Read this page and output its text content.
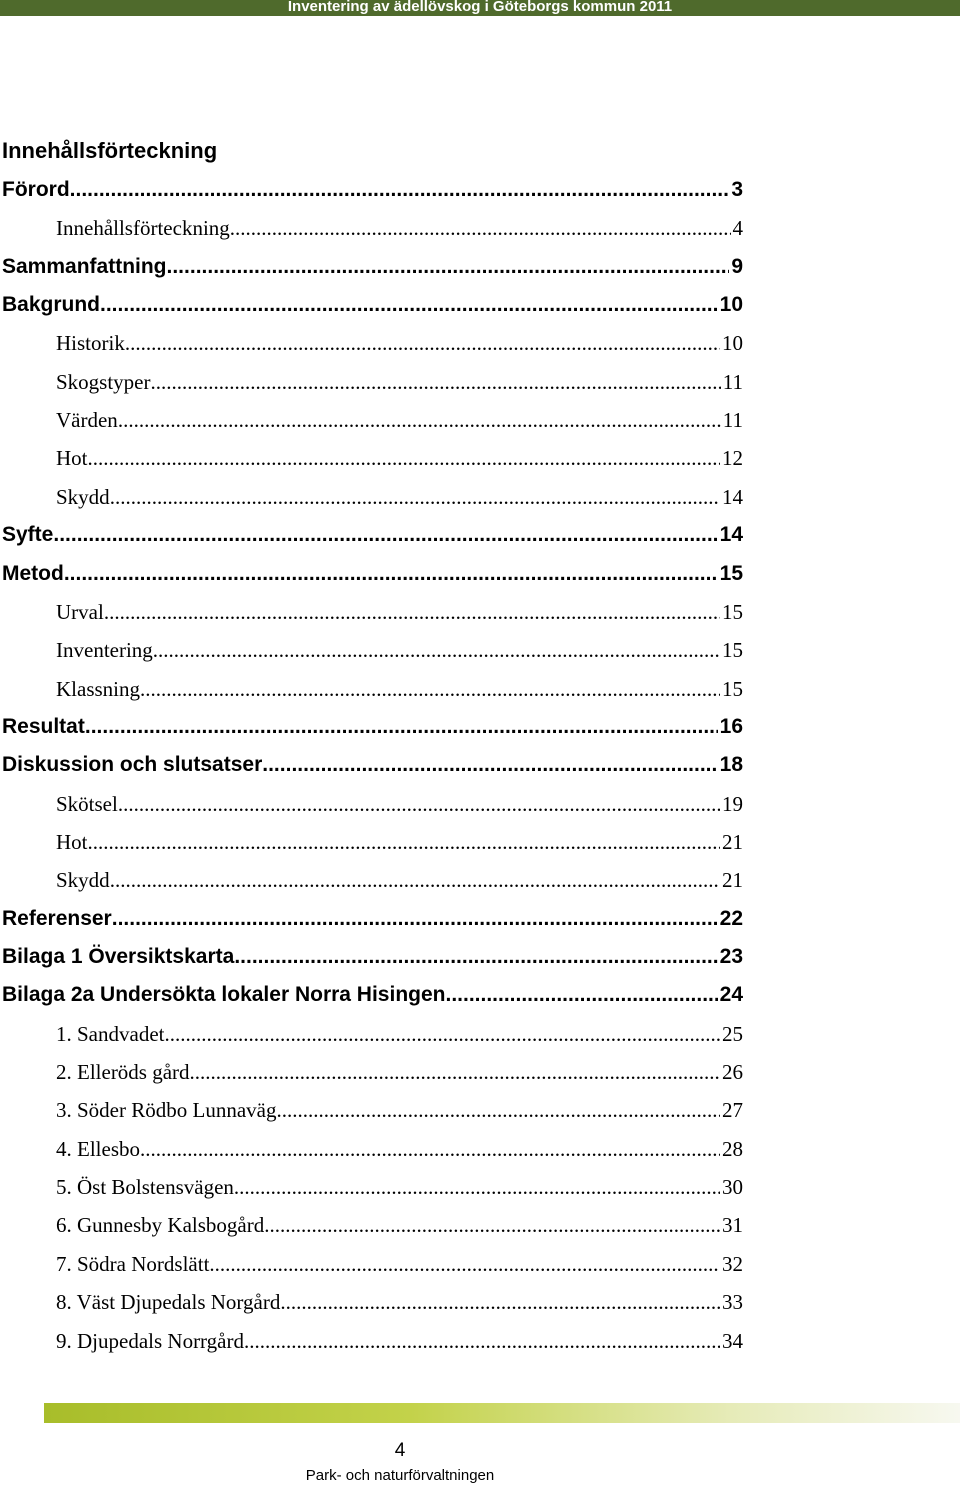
Inventering av ädellövskog i Göteborgs kommun 2011
Innehållsförteckning
Förord .....	3
Innehållsförteckning .....	4
Sammanfattning .....	9
Bakgrund .....	10
Historik .....	10
Skogstyper .....	11
Värden .....	11
Hot .....	12
Skydd .....	14
Syfte .....	14
Metod .....	15
Urval .....	15
Inventering .....	15
Klassning .....	15
Resultat .....	16
Diskussion och slutsatser .....	18
Skötsel .....	19
Hot .....	21
Skydd .....	21
Referenser .....	22
Bilaga 1 Översiktskarta .....	23
Bilaga 2a Undersökta lokaler Norra Hisingen .....	24
1. Sandvadet .....	25
2. Elleröds gård .....	26
3. Söder Rödbo Lunnaväg .....	27
4. Ellesbo .....	28
5. Öst Bolstensvägen .....	30
6. Gunnesby Kalsbogård .....	31
7. Södra Nordslätt .....	32
8. Väst Djupedals Norgård .....	33
9. Djupedals Norrgård .....	34
4
Park- och naturförvaltningen
